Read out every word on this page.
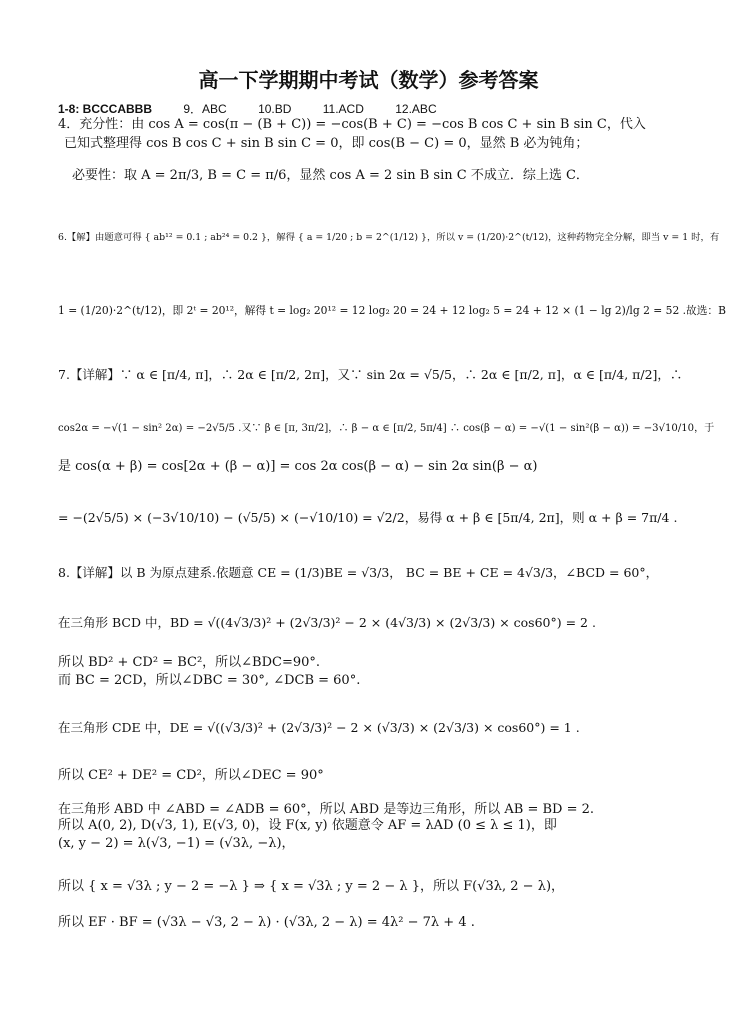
高一下学期期中考试（数学）参考答案
1-8: BCCCABBB	9．ABC	10.BD	11.ACD	12.ABC
4．充分性：由 cos A = cos(π − (B + C)) = −cos(B + C) = −cos B cos C + sin B sin C，代入
已知式整理得 cos B cos C + sin B sin C = 0，即 cos(B − C) = 0，显然 B 必为钝角；
必要性：取 A = 2π/3, B = C = π/6，显然 cos A = 2 sin B sin C 不成立．综上选 C．
6.【解】由题意可得 { ab¹² = 0.1 ; ab²⁴ = 0.2 }，解得 { a = 1/20 ; b = 2^(1/12) }，所以 v = (1/20)·2^(t/12)，这种药物完全分解，即当 v = 1 时，有
1 = (1/20)·2^(t/12)，即 2ᵗ = 20¹²，解得 t = log₂ 20¹² = 12 log₂ 20 = 24 + 12 log₂ 5 = 24 + 12 × (1 − lg 2)/lg 2 = 52 .故选：B
7.【详解】∵ α ∈ [π/4, π]，∴ 2α ∈ [π/2, 2π]，又∵ sin 2α = √5/5，∴ 2α ∈ [π/2, π]，α ∈ [π/4, π/2]，∴
cos2α = −√(1 − sin² 2α) = −2√5/5 .又∵ β ∈ [π, 3π/2]，∴ β − α ∈ [π/2, 5π/4] ∴ cos(β − α) = −√(1 − sin²(β − α)) = −3√10/10，于
是 cos(α + β) = cos[2α + (β − α)] = cos 2α cos(β − α) − sin 2α sin(β − α)
= −(2√5/5) × (−3√10/10) − (√5/5) × (−√10/10) = √2/2，易得 α + β ∈ [5π/4, 2π]，则 α + β = 7π/4 .
8.【详解】以 B 为原点建系.依题意 CE = (1/3)BE = √3/3， BC = BE + CE = 4√3/3，∠BCD = 60°，
在三角形 BCD 中，BD = √((4√3/3)² + (2√3/3)² − 2 × (4√3/3) × (2√3/3) × cos60°) = 2 .
所以 BD² + CD² = BC²，所以∠BDC=90°.
而 BC = 2CD，所以∠DBC = 30°, ∠DCB = 60°.
在三角形 CDE 中，DE = √((√3/3)² + (2√3/3)² − 2 × (√3/3) × (2√3/3) × cos60°) = 1 .
所以 CE² + DE² = CD²，所以∠DEC = 90°
在三角形 ABD 中 ∠ABD = ∠ADB = 60°，所以 ABD 是等边三角形，所以 AB = BD = 2.
所以 A(0, 2), D(√3, 1), E(√3, 0)，设 F(x, y) 依题意令 AF = λAD (0 ≤ λ ≤ 1)，即
(x, y − 2) = λ(√3, −1) = (√3λ, −λ)，
所以 { x = √3λ ; y − 2 = −λ } ⇒ { x = √3λ ; y = 2 − λ }，所以 F(√3λ, 2 − λ)，
所以 EF · BF = (√3λ − √3, 2 − λ) · (√3λ, 2 − λ) = 4λ² − 7λ + 4 .
